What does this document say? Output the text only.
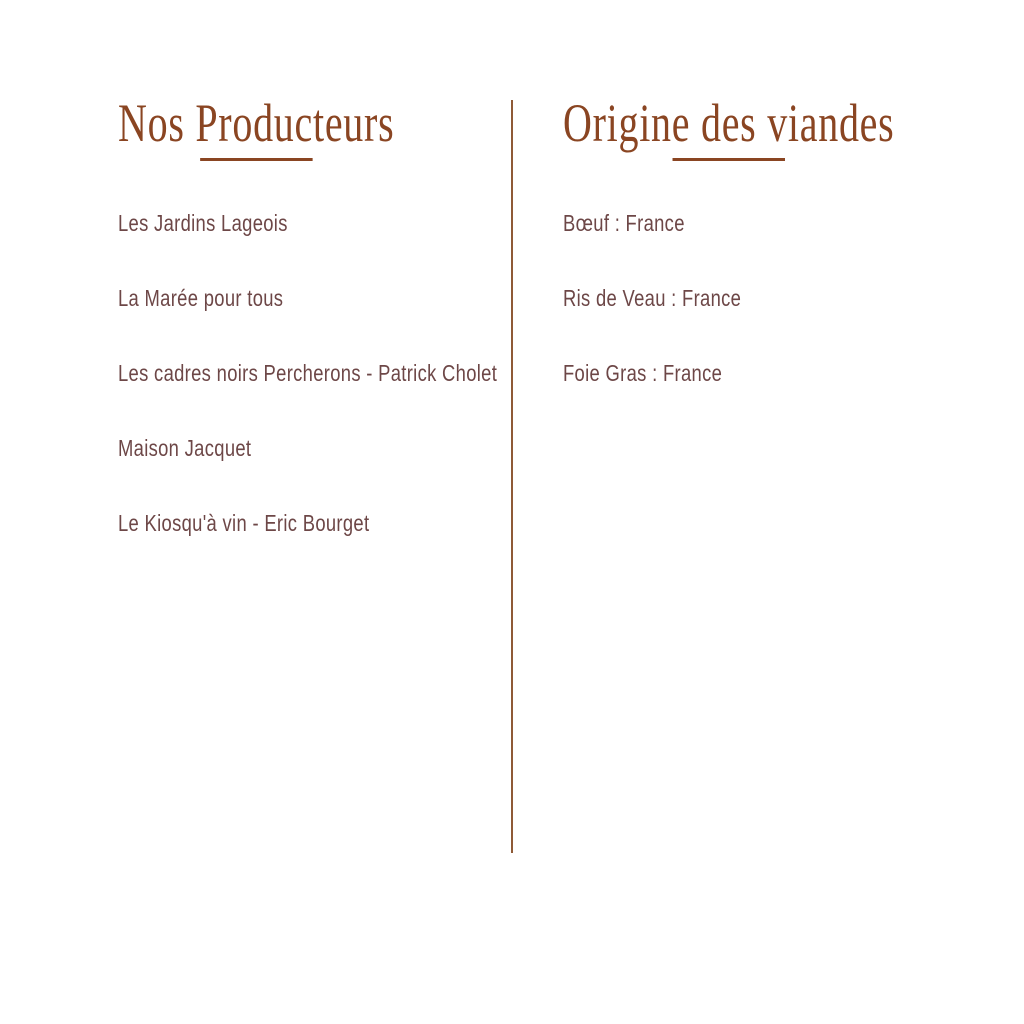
Nos Producteurs
Les Jardins Lageois
La Marée pour tous
Les cadres noirs Percherons - Patrick Cholet
Maison Jacquet
Le Kiosqu'à vin - Eric Bourget
Origine des viandes
Bœuf : France
Ris de Veau : France
Foie Gras : France
